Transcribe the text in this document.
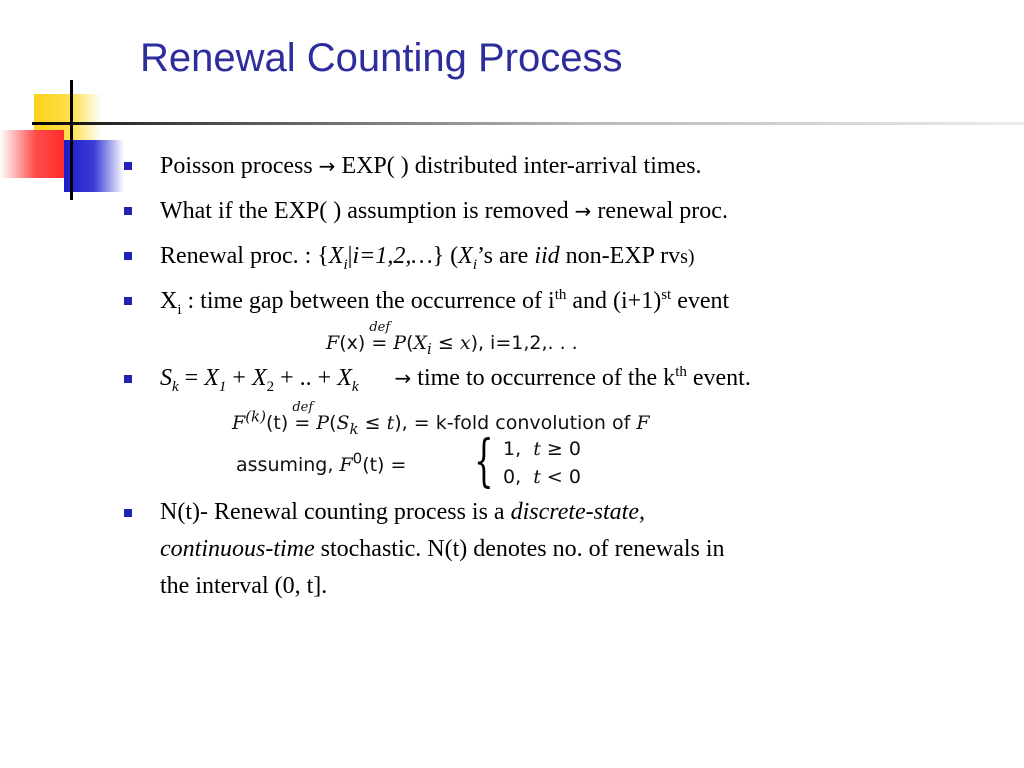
Renewal Counting Process
Poisson process → EXP( ) distributed inter-arrival times.
What if the EXP( ) assumption is removed → renewal proc.
Renewal proc. : $\{X_i|i=1,2,\dots\}$ ($X_i’s$ are iid non-EXP rvs)
$X_i$ : time gap between the occurrence of $i^{th}$ and $(i+1)^{st}$ event
F(x)
def
= $P(X_i \le x)$, i=1,2,. . .
$S_k = X_1 + X_2$ + .. + $X_k$ → time to occurrence of the $k^{th}$ event.
$F^{(k)}(t)$
def
= $P(S_k \le t)$, = k-fold convolution of F
assuming, $F^0(t)$ = { 1, t ≥ 0
0, t < 0
N(t)- Renewal counting process is a discrete-state,
continuous-time stochastic. N(t) denotes no. of renewals in
the interval (0, t].
